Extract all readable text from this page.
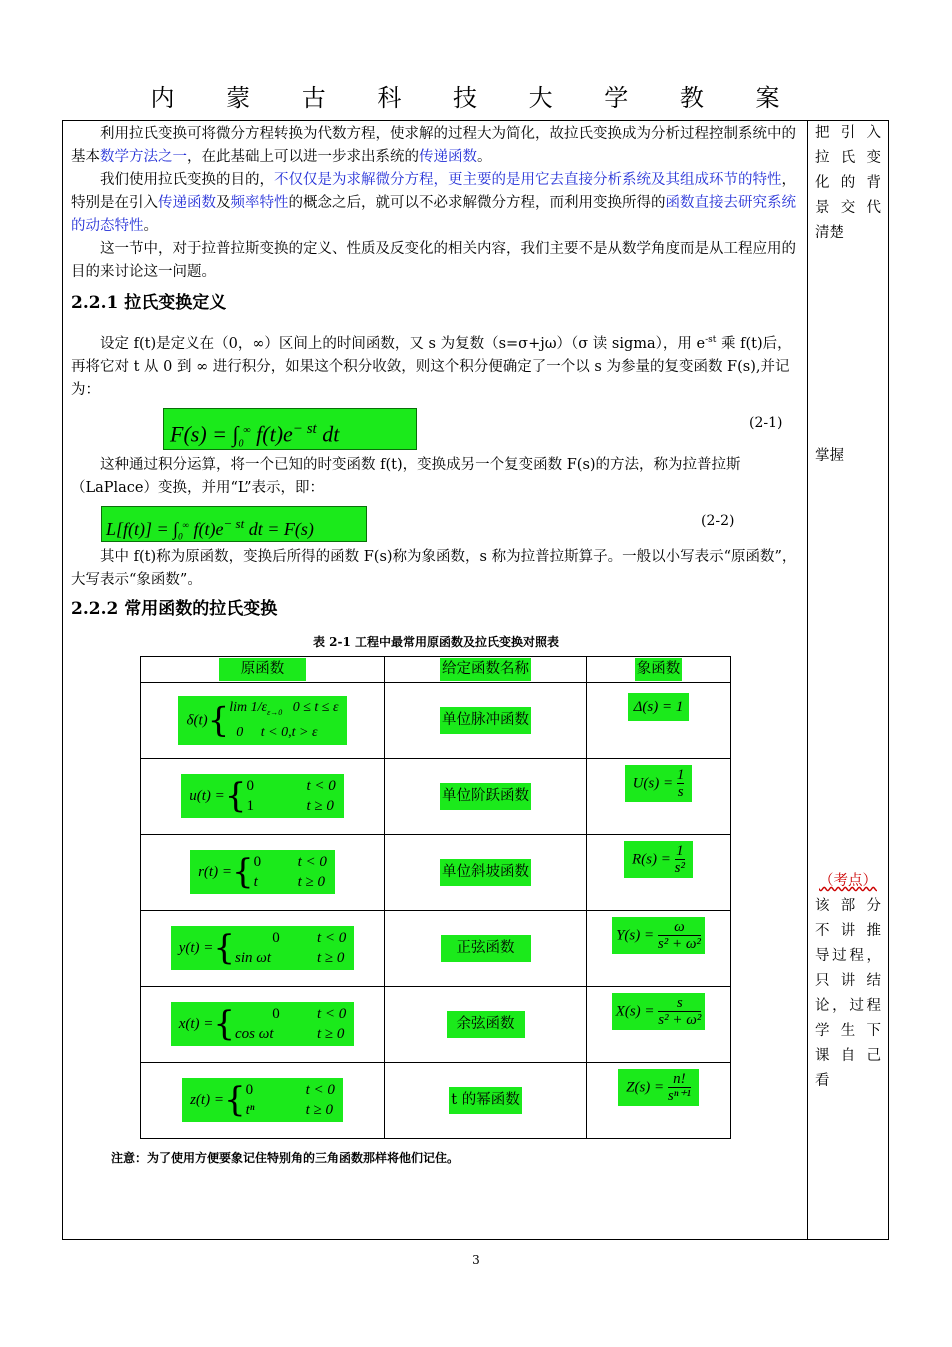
内 蒙 古 科 技 大 学 教 案

利用拉氏变换可将微分方程转换为代数方程，使求解的过程大为简化，故拉氏变换成为分析过程控制系统中的基本数学方法之一，在此基础上可以进一步求出系统的传递函数。

我们使用拉氏变换的目的，不仅仅是为求解微分方程，更主要的是用它去直接分析系统及其组成环节的特性，特别是在引入传递函数及频率特性的概念之后，就可以不必求解微分方程，而利用变换所得的函数直接去研究系统的动态特性。

这一节中，对于拉普拉斯变换的定义、性质及反变化的相关内容，我们主要不是从数学角度而是从工程应用的目的来讨论这一问题。

2.2.1 拉氏变换定义

设定 f(t)是定义在（0，∞）区间上的时间函数，又 s 为复数（s=σ+jω）（σ 读 sigma），用 $e^{-st}$ 乘 f(t)后，再将它对 t 从 0 到 ∞ 进行积分，如果这个积分收敛，则这个积分便确定了一个以 s 为参量的复变函数 F(s),并记为：

$F(s) = \int_0^\infty$ $f(t)e^{- st}$ dt	(2-1)

这种通过积分运算，将一个已知的时变函数 f(t)，变换成另一个复变函数 F(s)的方法，称为拉普拉斯（LaPlace）变换，并用“L”表示，即：

$L[f(t)] = \int_0^\infty$ $f(t)e^{- st}$ dt = F(s)	(2-2)

其中 f(t)称为原函数，变换后所得的函数 F(s)称为象函数，s 称为拉普拉斯算子。一般以小写表示“原函数”，大写表示“象函数”。

2.2.2 常用函数的拉氏变换

表 2-1 工程中最常用原函数及拉氏变换对照表

原函数	给定函数名称	象函数
δ(t){ $\lim 1/\varepsilon_{\varepsilon\to 0}$ 0 ≤ t ≤ ε
0 t < 0,t > ε	单位脉冲函数	Δ(s) = 1
u(t) ={ 0 t < 0
1 t ≥ 0	单位阶跃函数	$U(s) = \frac{1}{s}$

r(t) ={ 0 t < 0
t t ≥ 0	单位斜坡函数	$R(s) = \frac{1}{\text{s²}}$

y(t) ={ 0 t < 0
sin ωt t ≥ 0	正弦函数	$Y(s) = \frac{\omega}{\text{s² + ω²}}$

x(t) ={ 0 t < 0
cos ωt t ≥ 0	余弦函数	$X(s) = \frac{s}{\text{s² + ω²}}$

z(t) ={ 0 t < 0
tⁿ t ≥ 0	t 的幂函数	$Z(s) = \frac{n!}{\text{sⁿ⁺¹}}$

注意：为了使用方便要象记住特别角的三角函数那样将他们记住。

把 引 入
拉 氏 变
化 的 背
景 交 代
清楚
掌握
（考点）
该 部 分
不 讲 推
导过程，
只 讲 结
论，过程
学 生 下
课 自 己
看
3
